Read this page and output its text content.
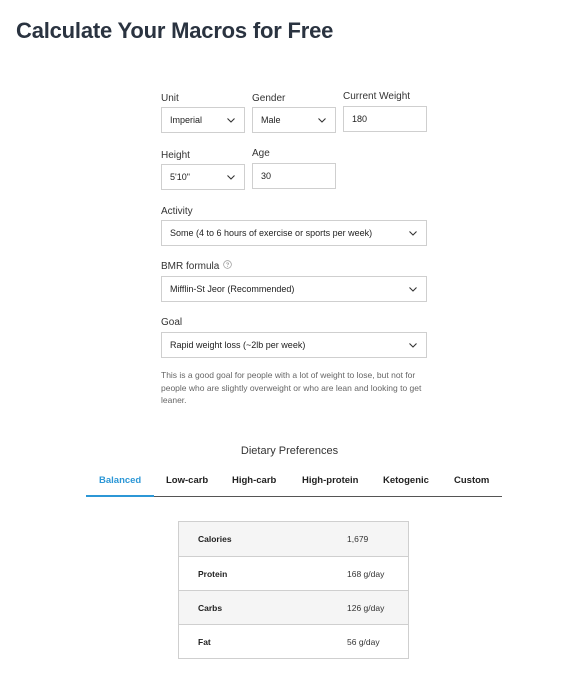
Calculate Your Macros for Free
Unit
Imperial
Gender
Male
Current Weight
180
Height
5'10"
Age
30
Activity
Some (4 to 6 hours of exercise or sports per week)
BMR formula
Mifflin-St Jeor (Recommended)
Goal
Rapid weight loss (~2lb per week)

This is a good goal for people with a lot of weight to lose, but not for people who are slightly overweight or who are lean and looking to get leaner.

Dietary Preferences
Balanced	Low-carb	High-carb	High-protein	Ketogenic	Custom
Calories	1,679
Protein	168 g/day
Carbs	126 g/day
Fat	56 g/day
